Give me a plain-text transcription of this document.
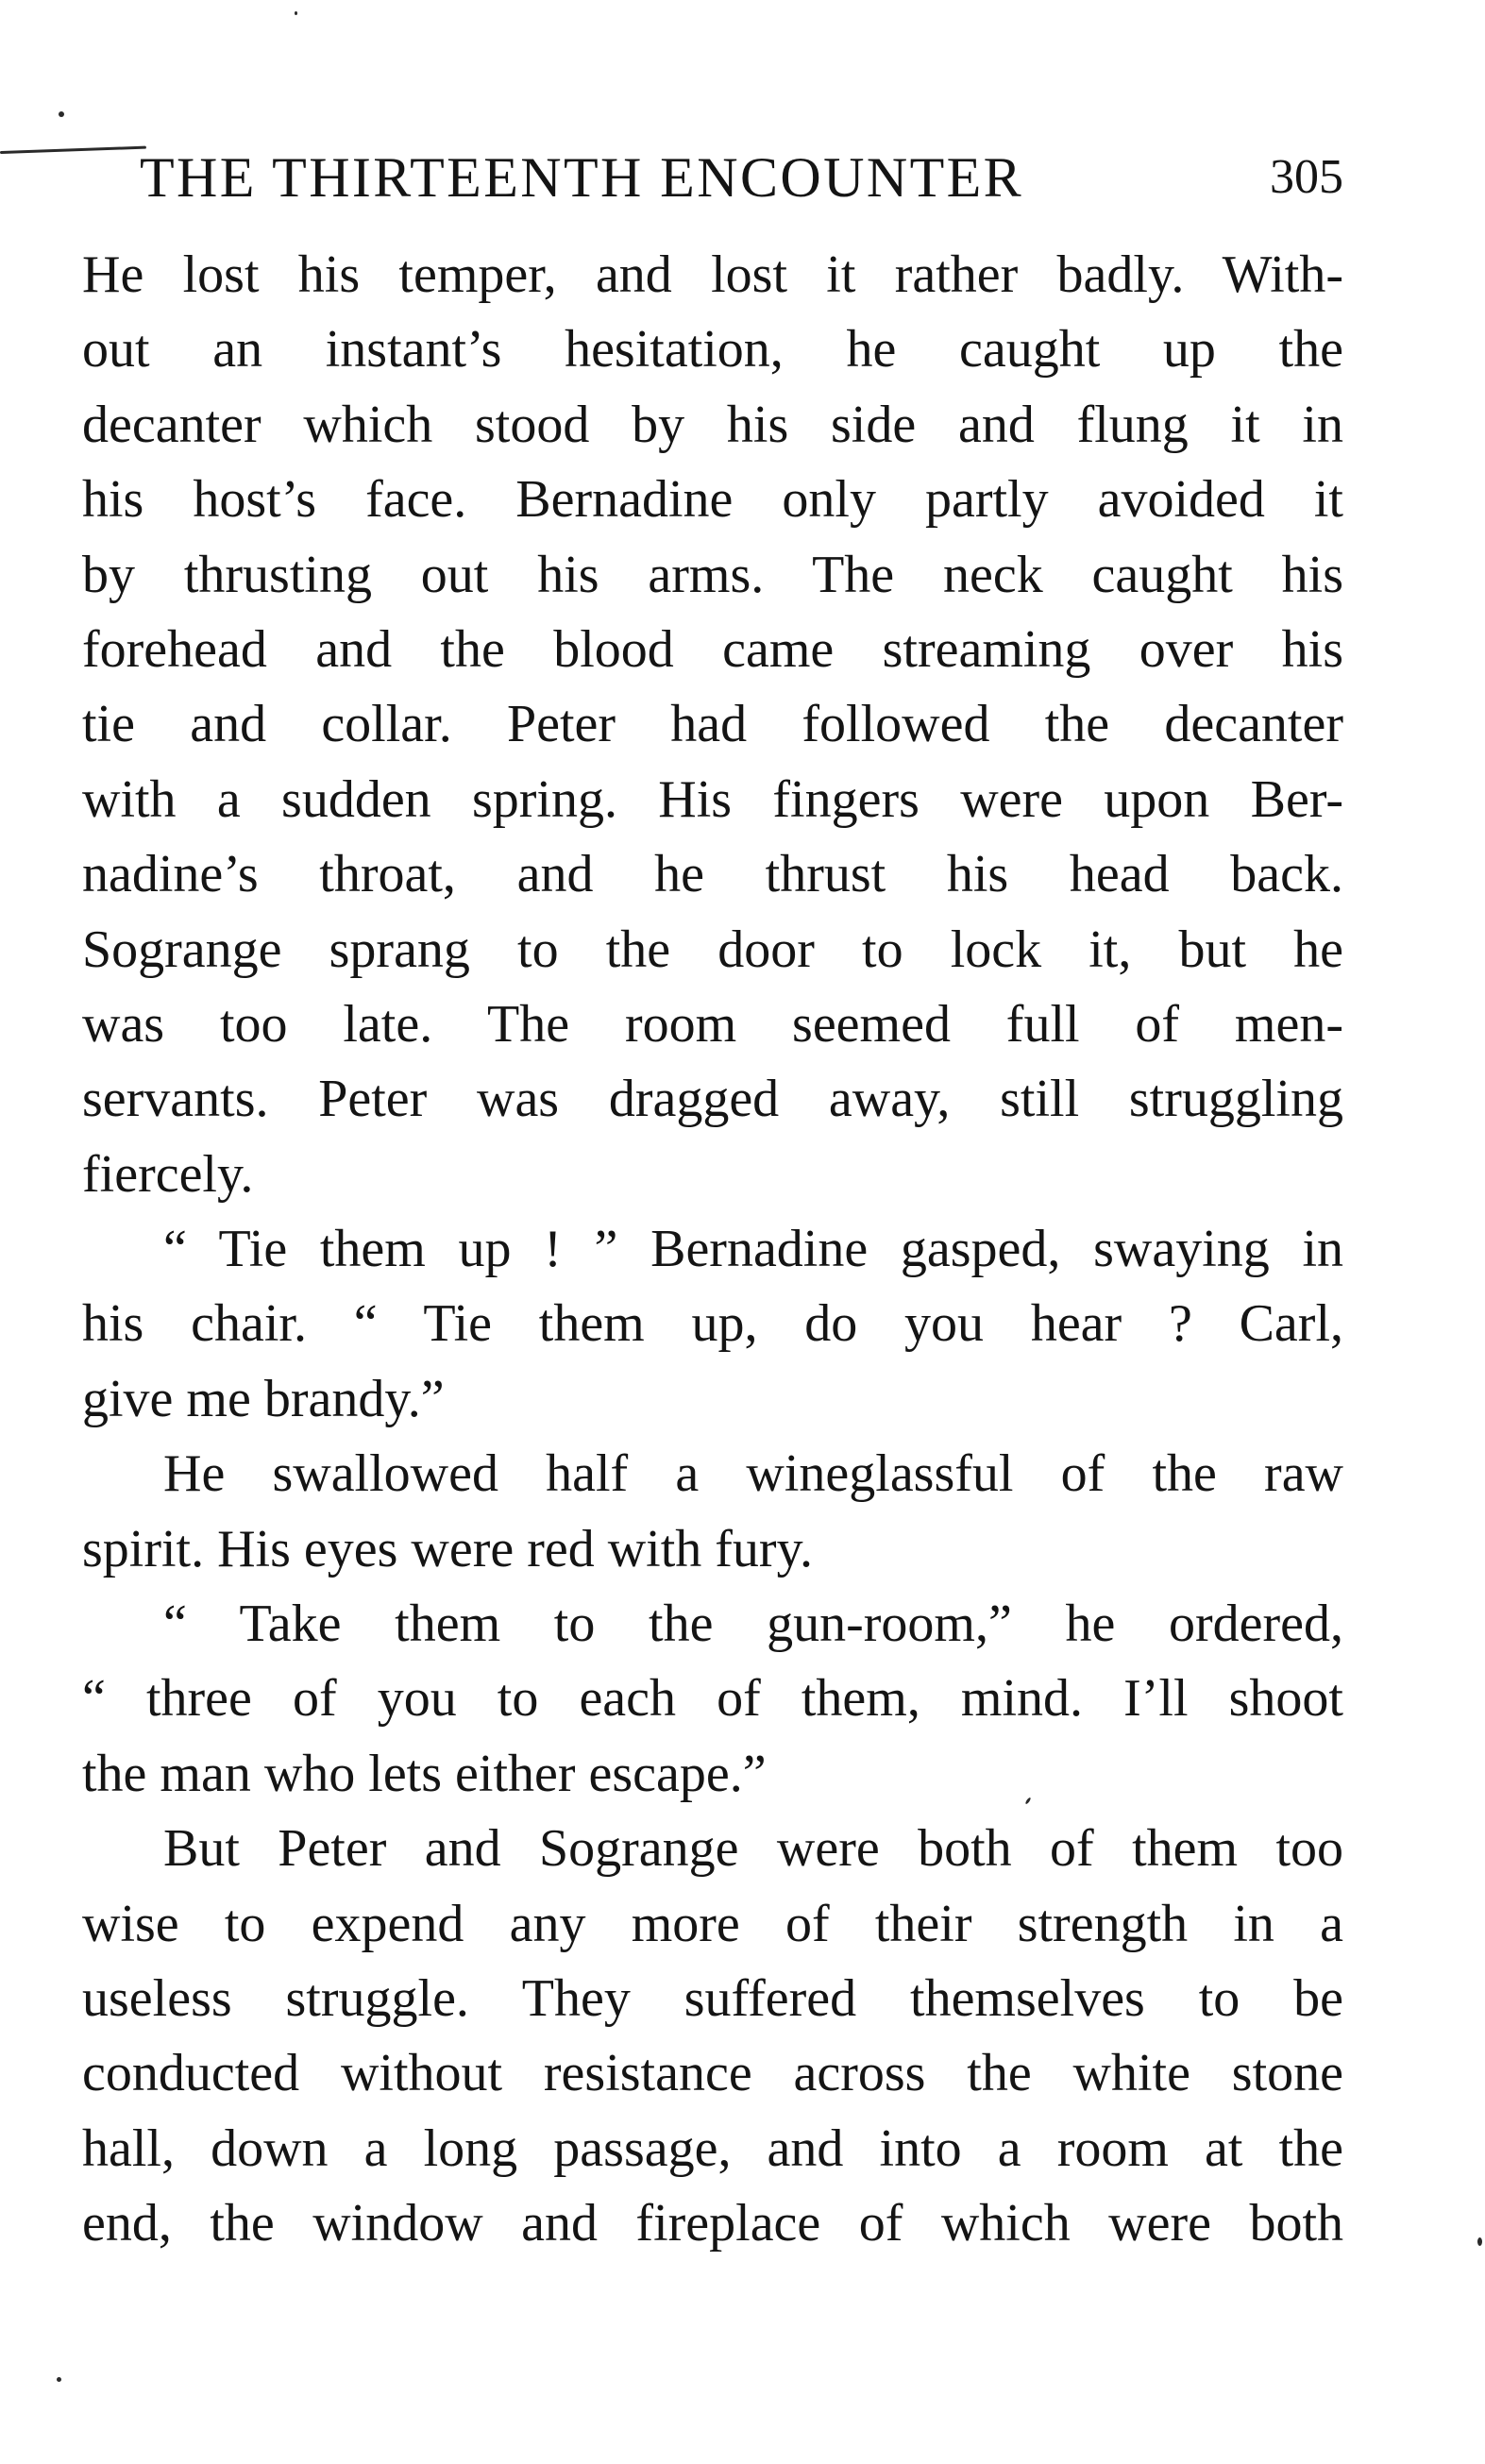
THE THIRTEENTH ENCOUNTER	305
He lost his temper, and lost it rather badly. With-
out an instant’s hesitation, he caught up the
decanter which stood by his side and flung it in
his host’s face. Bernadine only partly avoided it
by thrusting out his arms. The neck caught his
forehead and the blood came streaming over his
tie and collar. Peter had followed the decanter
with a sudden spring. His fingers were upon Ber-
nadine’s throat, and he thrust his head back.
Sogrange sprang to the door to lock it, but he
was too late. The room seemed full of men-
servants. Peter was dragged away, still struggling
fiercely.
“ Tie them up ! ” Bernadine gasped, swaying in
his chair. “ Tie them up, do you hear ? Carl,
give me brandy.”
He swallowed half a wineglassful of the raw
spirit. His eyes were red with fury.
“ Take them to the gun-room,” he ordered,
“ three of you to each of them, mind. I’ll shoot
the man who lets either escape.”
But Peter and Sogrange were both of them too
wise to expend any more of their strength in a
useless struggle. They suffered themselves to be
conducted without resistance across the white stone
hall, down a long passage, and into a room at the
end, the window and fireplace of which were both
